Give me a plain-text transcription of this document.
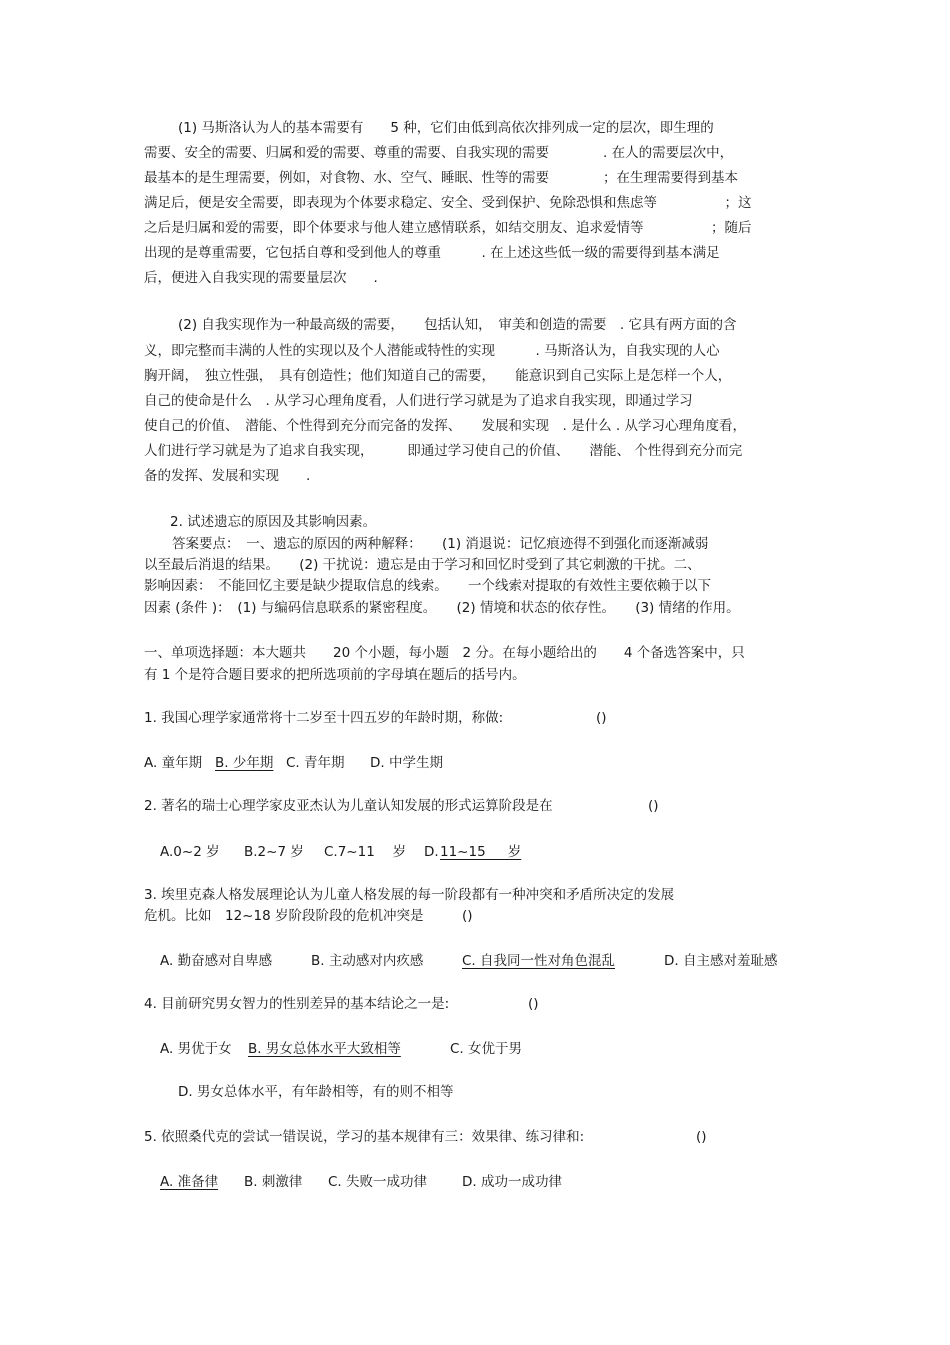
(1) 马斯洛认为人的基本需要有　　5 种，它们由低到高依次排列成一定的层次，即生理的
需要、安全的需要、归属和爱的需要、尊重的需要、自我实现的需要　　　　. 在人的需要层次中，
最基本的是生理需要，例如，对食物、水、空气、睡眠、性等的需要　　　　；在生理需要得到基本
满足后，便是安全需要，即表现为个体要求稳定、安全、受到保护、免除恐惧和焦虑等　　　　　；这
之后是归属和爱的需要，即个体要求与他人建立感情联系，如结交朋友、追求爱情等　　　　　；随后
出现的是尊重需要，它包括自尊和受到他人的尊重　　　. 在上述这些低一级的需要得到基本满足
后，便进入自我实现的需要量层次　　.
(2) 自我实现作为一种最高级的需要，　　包括认知，　审美和创造的需要　. 它具有两方面的含
义，即完整而丰满的人性的实现以及个人潜能或特性的实现　　　. 马斯洛认为，自我实现的人心
胸开阔，　独立性强，　具有创造性；他们知道自己的需要，　　能意识到自己实际上是怎样一个人，
自己的使命是什么　. 从学习心理角度看，人们进行学习就是为了追求自我实现，即通过学习
使自己的价值、　潜能、个性得到充分而完备的发挥、　　发展和实现　. 是什么 . 从学习心理角度看，
人们进行学习就是为了追求自我实现，　　　即通过学习使自己的价值、　　潜能、 个性得到充分而完
备的发挥、发展和实现　　.
2. 试述遗忘的原因及其影响因素。
答案要点：　一、遗忘的原因的两种解释：　　(1) 消退说：记忆痕迹得不到强化而逐渐减弱
以至最后消退的结果。　　(2) 干扰说：遗忘是由于学习和回忆时受到了其它刺激的干扰。二、
影响因素：　不能回忆主要是缺少提取信息的线索。　　一个线索对提取的有效性主要依赖于以下
因素 (条件 )：　(1) 与编码信息联系的紧密程度。　　(2) 情境和状态的依存性。　　(3) 情绪的作用。
一、单项选择题：本大题共　　20 个小题，每小题　2 分。在每小题给出的　　4 个备选答案中，只
有 1 个是符合题目要求的把所选项前的字母填在题后的括号内。
1. 我国心理学家通常将十二岁至十四五岁的年龄时期，称做:	()
A. 童年期 B. 少年期 C. 青年期 D. 中学生期
2. 著名的瑞士心理学家皮亚杰认为儿童认知发展的形式运算阶段是在	()
A.0~2 岁 B.2~7 岁 C.7~11 　岁 D. 11~15 　 岁
3. 埃里克森人格发展理论认为儿童人格发展的每一阶段都有一种冲突和矛盾所决定的发展
危机。比如　12~18 岁阶段阶段的危机冲突是	()
A. 勤奋感对自卑感	B. 主动感对内疚感	C. 自我同一性对角色混乱	D. 自主感对羞耻感
4. 目前研究男女智力的性别差异的基本结论之一是:	()
A. 男优于女 B. 男女总体水平大致相等	C. 女优于男
D. 男女总体水平，有年龄相等，有的则不相等
5. 依照桑代克的尝试一错误说，学习的基本规律有三：效果律、练习律和:	()
A. 准备律 B. 刺激律 C. 失败一成功律	D. 成功一成功律
